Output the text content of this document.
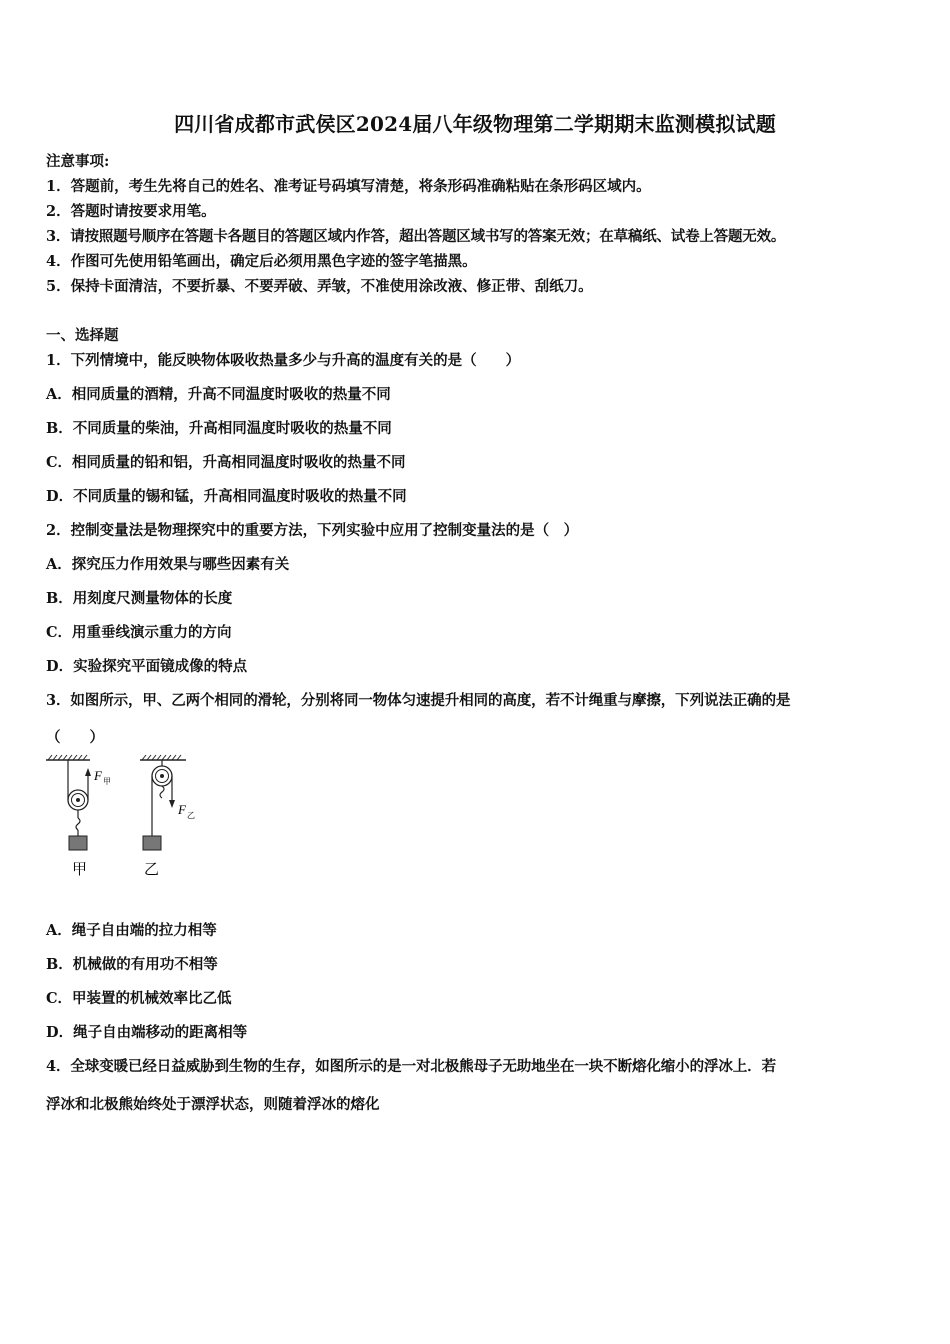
四川省成都市武侯区2024届八年级物理第二学期期末监测模拟试题
注意事项:
1．答题前，考生先将自己的姓名、准考证号码填写清楚，将条形码准确粘贴在条形码区域内。
2．答题时请按要求用笔。
3．请按照题号顺序在答题卡各题目的答题区域内作答，超出答题区域书写的答案无效；在草稿纸、试卷上答题无效。
4．作图可先使用铅笔画出，确定后必须用黑色字迹的签字笔描黑。
5．保持卡面清洁，不要折暴、不要弄破、弄皱，不准使用涂改液、修正带、刮纸刀。
一、选择题
1．下列情境中，能反映物体吸收热量多少与升高的温度有关的是（　　）
A．相同质量的酒精，升高不同温度时吸收的热量不同
B．不同质量的柴油，升高相同温度时吸收的热量不同
C．相同质量的铅和铝，升高相同温度时吸收的热量不同
D．不同质量的锡和锰，升高相同温度时吸收的热量不同
2．控制变量法是物理探究中的重要方法，下列实验中应用了控制变量法的是（　）
A．探究压力作用效果与哪些因素有关
B．用刻度尺测量物体的长度
C．用重垂线演示重力的方向
D．实验探究平面镜成像的特点
3．如图所示，甲、乙两个相同的滑轮，分别将同一物体匀速提升相同的高度，若不计绳重与摩擦，下列说法正确的是
（　　）
F 甲
F 乙
甲	乙
A．绳子自由端的拉力相等
B．机械做的有用功不相等
C．甲装置的机械效率比乙低
D．绳子自由端移动的距离相等
4．全球变暖已经日益威胁到生物的生存，如图所示的是一对北极熊母子无助地坐在一块不断熔化缩小的浮冰上．若
浮冰和北极熊始终处于漂浮状态，则随着浮冰的熔化
